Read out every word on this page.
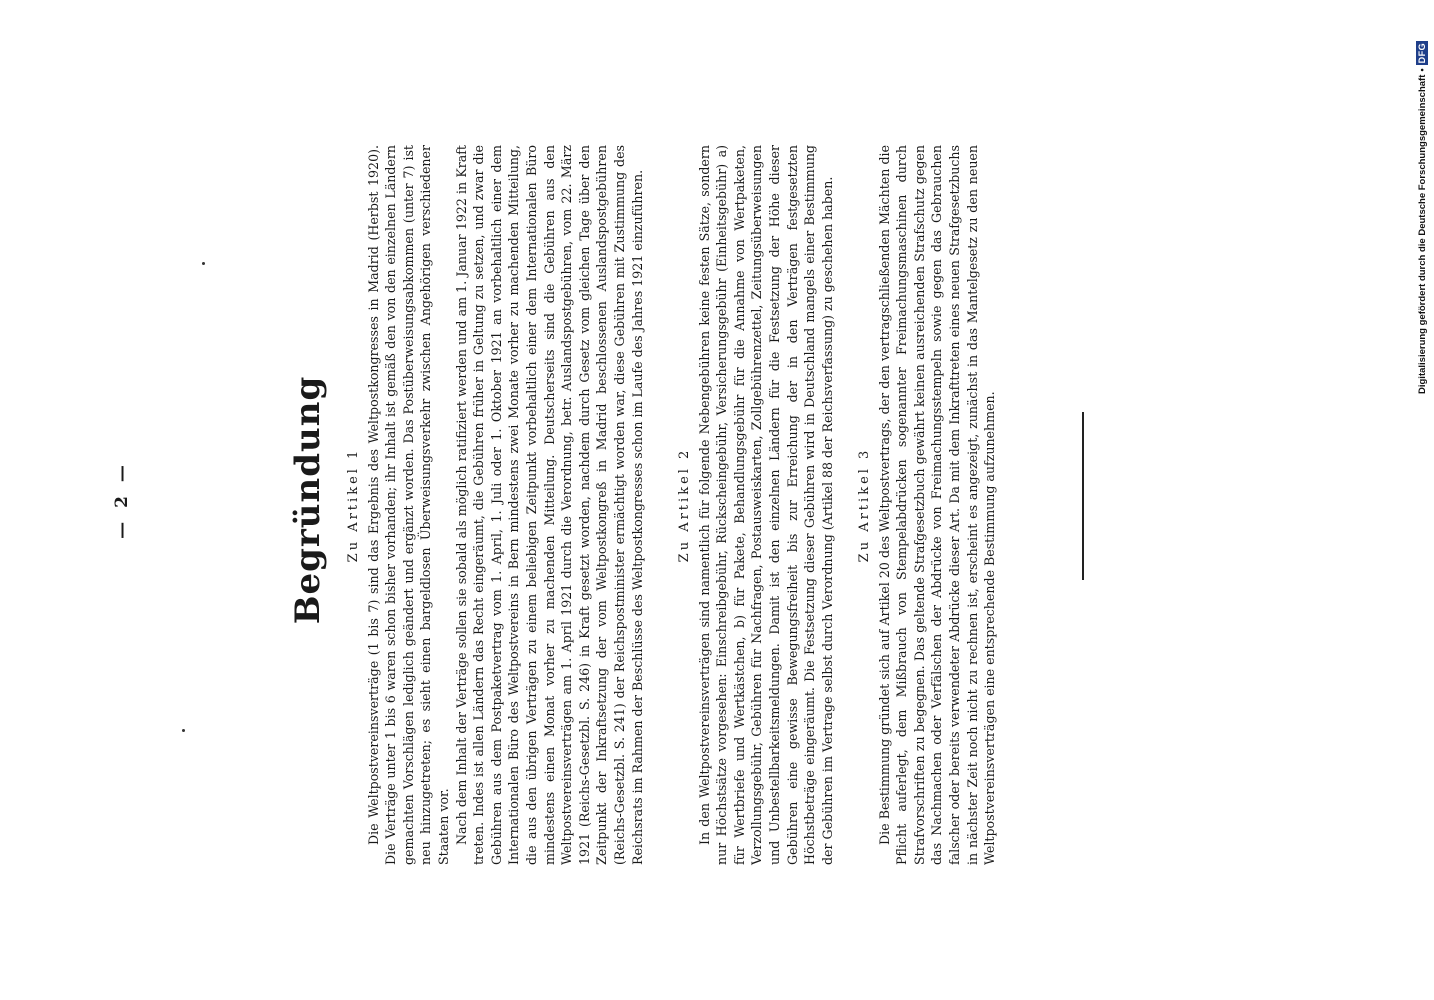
— 2 —	Begründung Zu Artikel 1 Die Weltpostvereinsverträge (1 bis 7) sind das Ergebnis des Weltpostkongresses in Madrid (Herbst 1920). Die Verträge unter 1 bis 6 waren schon bisher vorhanden; ihr Inhalt ist gemäß den von den einzelnen Ländern gemachten Vorschlägen lediglich geändert und ergänzt worden. Das Postüberweisungsabkommen (unter 7) ist neu hinzugetreten; es sieht einen bargeldlosen Überweisungsverkehr zwischen Angehörigen verschiedener Staaten vor. Nach dem Inhalt der Verträge sollen sie sobald als möglich ratifiziert werden und am 1. Januar 1922 in Kraft treten. Indes ist allen Ländern das Recht eingeräumt, die Gebühren früher in Geltung zu setzen, und zwar die Gebühren aus dem Postpaketvertrag vom 1. April, 1. Juli oder 1. Oktober 1921 an vorbehaltlich einer dem Internationalen Büro des Weltpostvereins in Bern mindestens zwei Monate vorher zu machenden Mitteilung, die aus den übrigen Verträgen zu einem beliebigen Zeitpunkt vorbehaltlich einer dem Internationalen Büro mindestens einen Monat vorher zu machenden Mitteilung. Deutscherseits sind die Gebühren aus den Weltpostvereinsverträgen am 1. April 1921 durch die Verordnung, betr. Auslandspostgebühren, vom 22. März 1921 (Reichs-Gesetzbl. S. 246) in Kraft gesetzt worden, nachdem durch Gesetz vom gleichen Tage über den Zeitpunkt der Inkraftsetzung der vom Weltpostkongreß in Madrid beschlossenen Auslandspostgebühren (Reichs-Gesetzbl. S. 241) der Reichspostminister ermächtigt worden war, diese Gebühren mit Zustimmung des Reichsrats im Rahmen der Beschlüsse des Weltpostkongresses schon im Laufe des Jahres 1921 einzuführen.	Zu Artikel 2 In den Weltpostvereinsverträgen sind namentlich für folgende Nebengebühren keine festen Sätze, sondern nur Höchstsätze vorgesehen: Einschreibgebühr, Rückscheingebühr, Versicherungsgebühr (Einheitsgebühr) a) für Wertbriefe und Wertkästchen, b) für Pakete, Behandlungsgebühr für die Annahme von Wertpaketen, Verzollungsgebühr, Gebühren für Nachfragen, Postausweiskarten, Zollgebührenzettel, Zeitungsüberweisungen und Unbestellbarkeitsmeldungen. Damit ist den einzelnen Ländern für die Festsetzung der Höhe dieser Gebühren eine gewisse Bewegungsfreiheit bis zur Erreichung der in den Verträgen festgesetzten Höchstbeträge eingeräumt. Die Festsetzung dieser Gebühren wird in Deutschland mangels einer Bestimmung der Gebühren im Vertrage selbst durch Verordnung (Artikel 88 der Reichsverfassung) zu geschehen haben. Zu Artikel 3 Die Bestimmung gründet sich auf Artikel 20 des Weltpostvertrags, der den vertragschließenden Mächten die Pflicht auferlegt, dem Mißbrauch von Stempelabdrücken sogenannter Freimachungsmaschinen durch Strafvorschriften zu begegnen. Das geltende Strafgesetzbuch gewährt keinen ausreichenden Strafschutz gegen das Nachmachen oder Verfälschen der Abdrücke von Freimachungsstempeln sowie gegen das Gebrauchen falscher oder bereits verwendeter Abdrücke dieser Art. Da mit dem Inkrafttreten eines neuen Strafgesetzbuchs in nächster Zeit noch nicht zu rechnen ist, erscheint es angezeigt, zunächst in das Mantelgesetz zu den neuen Weltpostvereinsverträgen eine entsprechende Bestimmung aufzunehmen.

Digitalisierung gefördert durch die Deutsche Forschungsgemeinschaft
•
DFG
